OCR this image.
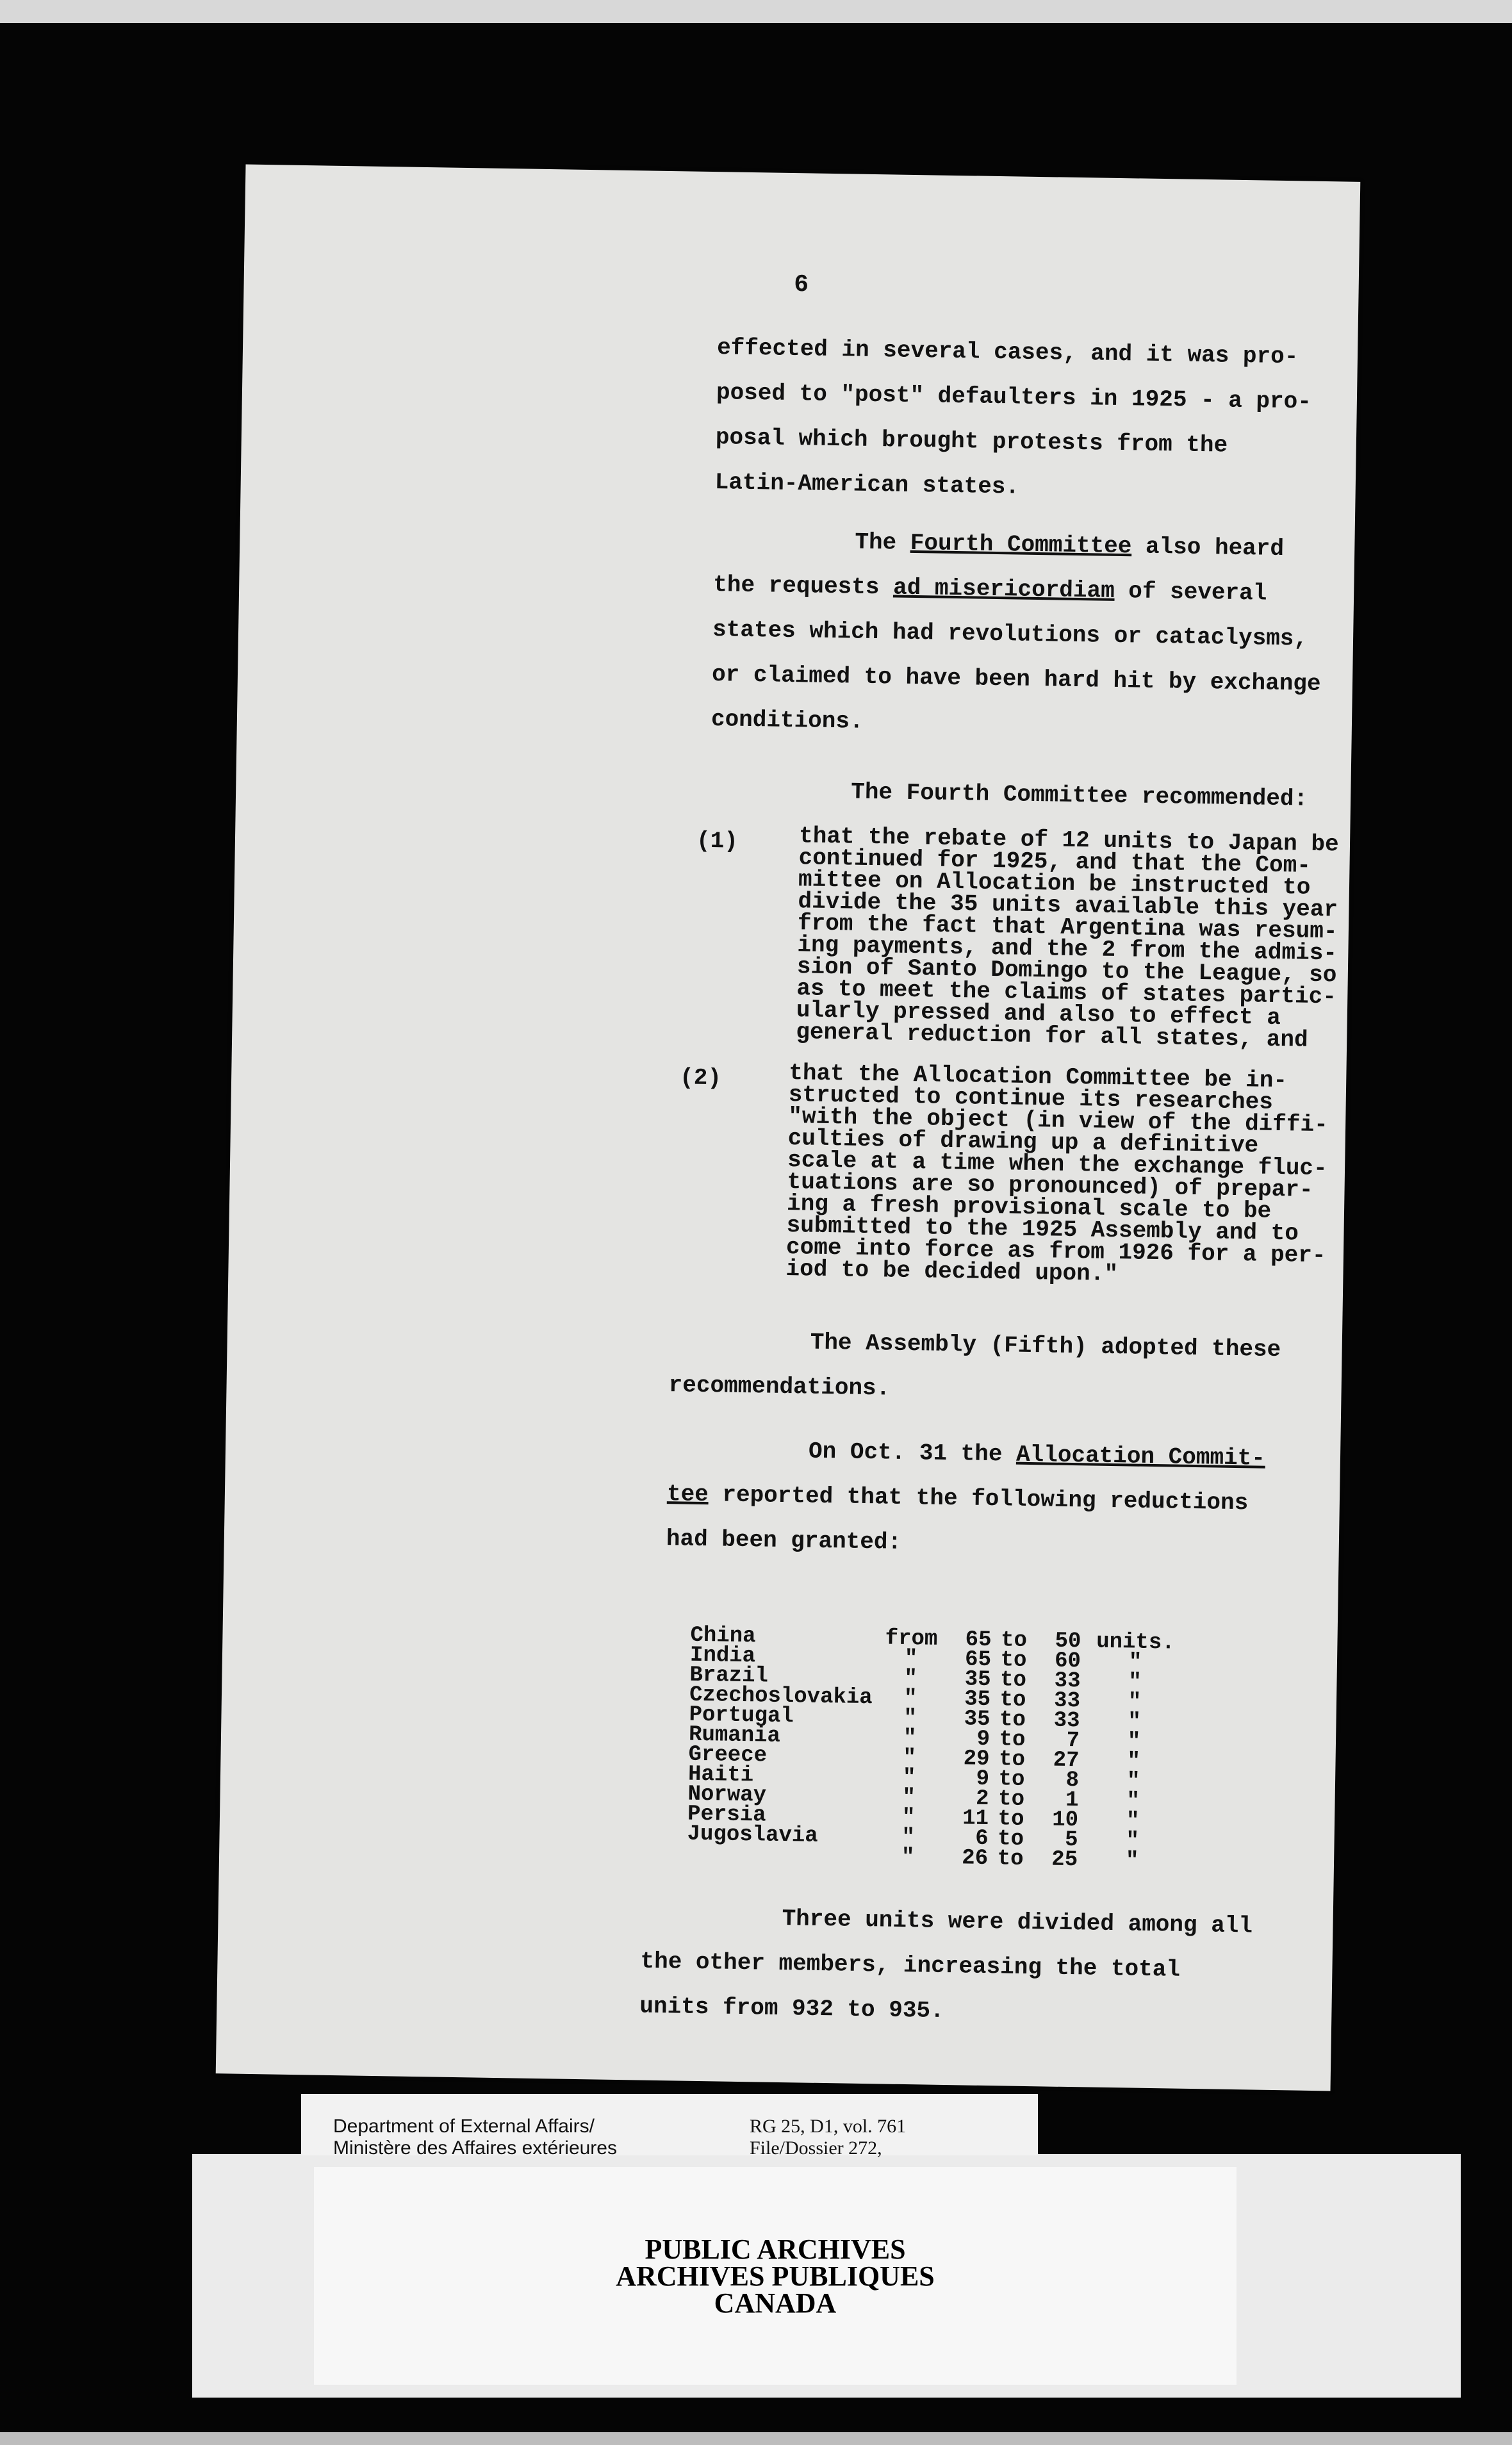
6

effected in several cases, and it was pro-
posed to "post" defaulters in 1925 - a pro-
posal which brought protests from the
Latin-American states.

The Fourth Committee also heard
the requests ad misericordiam of several
states which had revolutions or cataclysms,
or claimed to have been hard hit by exchange
conditions.

The Fourth Committee recommended:

(1)	that the rebate of 12 units to Japan be
continued for 1925, and that the Com-
mittee on Allocation be instructed to
divide the 35 units available this year
from the fact that Argentina was resum-
ing payments, and the 2 from the admis-
sion of Santo Domingo to the League, so
as to meet the claims of states partic-
ularly pressed and also to effect a
general reduction for all states, and

(2)	that the Allocation Committee be in-
structed to continue its researches
"with the object (in view of the diffi-
culties of drawing up a definitive
scale at a time when the exchange fluc-
tuations are so pronounced) of prepar-
ing a fresh provisional scale to be
submitted to the 1925 Assembly and to
come into force as from 1926 for a per-
iod to be decided upon."

The Assembly (Fifth) adopted these
recommendations.

On Oct. 31 the Allocation Commit-
tee reported that the following reductions
had been granted:

China	from	65	to	50	units.
India	"	65	to	60	"
Brazil	"	35	to	33	"
Czechoslovakia	"	35	to	33	"
Portugal	"	35	to	33	"
Rumania	"	9	to	7	"
Greece	"	29	to	27	"
Haiti	"	9	to	8	"
Norway	"	2	to	1	"
Persia	"	11	to	10	"
Jugoslavia	"	6	to	5	"
	"	26	to	25	"

Three units were divided among all
the other members, increasing the total
units from 932 to 935.

PUBLIC ARCHIVES
ARCHIVES PUBLIQUES
CANADA
Department of External Affairs/
Ministère des Affaires extérieures
RG 25, D1, vol. 761
File/Dossier 272,
